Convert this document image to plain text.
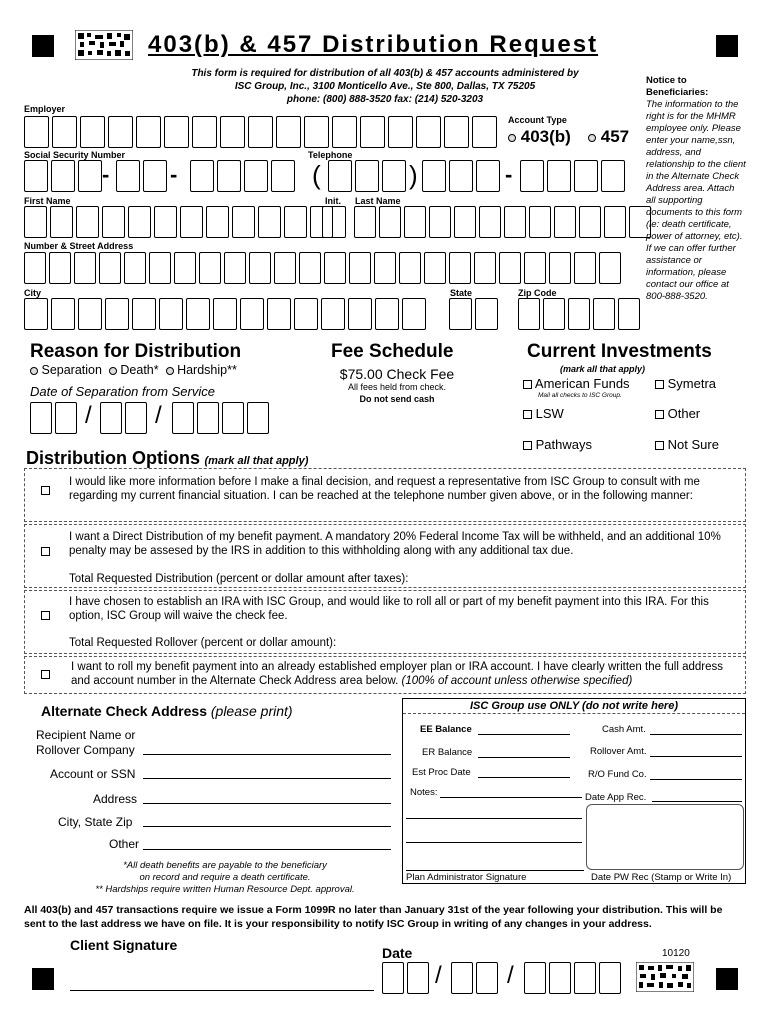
403(b) & 457 Distribution Request
This form is required for distribution of all 403(b) & 457 accounts administered by
ISC Group, Inc., 3100 Monticello Ave., Ste 800, Dallas, TX 75205
phone: (800) 888-3520 fax: (214) 520-3203
Notice to Beneficiaries:
The information to the right is for the MHMR employee only. Please enter your name,ssn, address, and relationship to the client in the Alternate Check Address area. Attach all supporting documents to this form (ie: death certificate, power of attorney, etc). If we can offer further assistance or information, please contact our office at 800-888-3520.
Employer
Account Type
403(b)	457
Social Security Number
-	-
Telephone
(	)	-
First Name	Init. Last Name
Number & Street Address
City	State	Zip Code
Reason for Distribution
Separation Death* Hardship**
Date of Separation from Service
/	/
Fee Schedule
$75.00 Check Fee
All fees held from check.
Do not send cash
Current Investments
(mark all that apply)
American Funds
Mail all checks to ISC Group.
Symetra
LSW	Other
Pathways	Not Sure
Distribution Options (mark all that apply)
I would like more information before I make a final decision, and request a representative from ISC Group to consult with me regarding my current financial situation. I can be reached at the telephone number given above, or in the following manner:
I want a Direct Distribution of my benefit payment. A mandatory 20% Federal Income Tax will be withheld, and an additional 10% penalty may be assesed by the IRS in addition to this withholding along with any additional tax due.
Total Requested Distribution (percent or dollar amount after taxes):
I have chosen to establish an IRA with ISC Group, and would like to roll all or part of my benefit payment into this IRA. For this option, ISC Group will waive the check fee.
Total Requested Rollover (percent or dollar amount):
I want to roll my benefit payment into an already established employer plan or IRA account. I have clearly written the full address and account number in the Alternate Check Address area below. (100% of account unless otherwise specified)
Alternate Check Address (please print)
Recipient Name or
Rollover Company
Account or SSN
Address
City, State Zip
Other
*All death benefits are payable to the beneficiary
on record and require a death certificate.
** Hardships require written Human Resource Dept. approval.
ISC Group use ONLY (do not write here)
EE Balance	Cash Amt.
ER Balance	Rollover Amt.
Est Proc Date	R/O Fund Co.
Notes:	Date App Rec.
Plan Administrator Signature	Date PW Rec (Stamp or Write In)
All 403(b) and 457 transactions require we issue a Form 1099R no later than January 31st of the year following your distribution. This will be sent to the last address we have on file. It is your responsibility to notify ISC Group in writing of any changes in your address.
Client Signature	Date
/	/
10120
